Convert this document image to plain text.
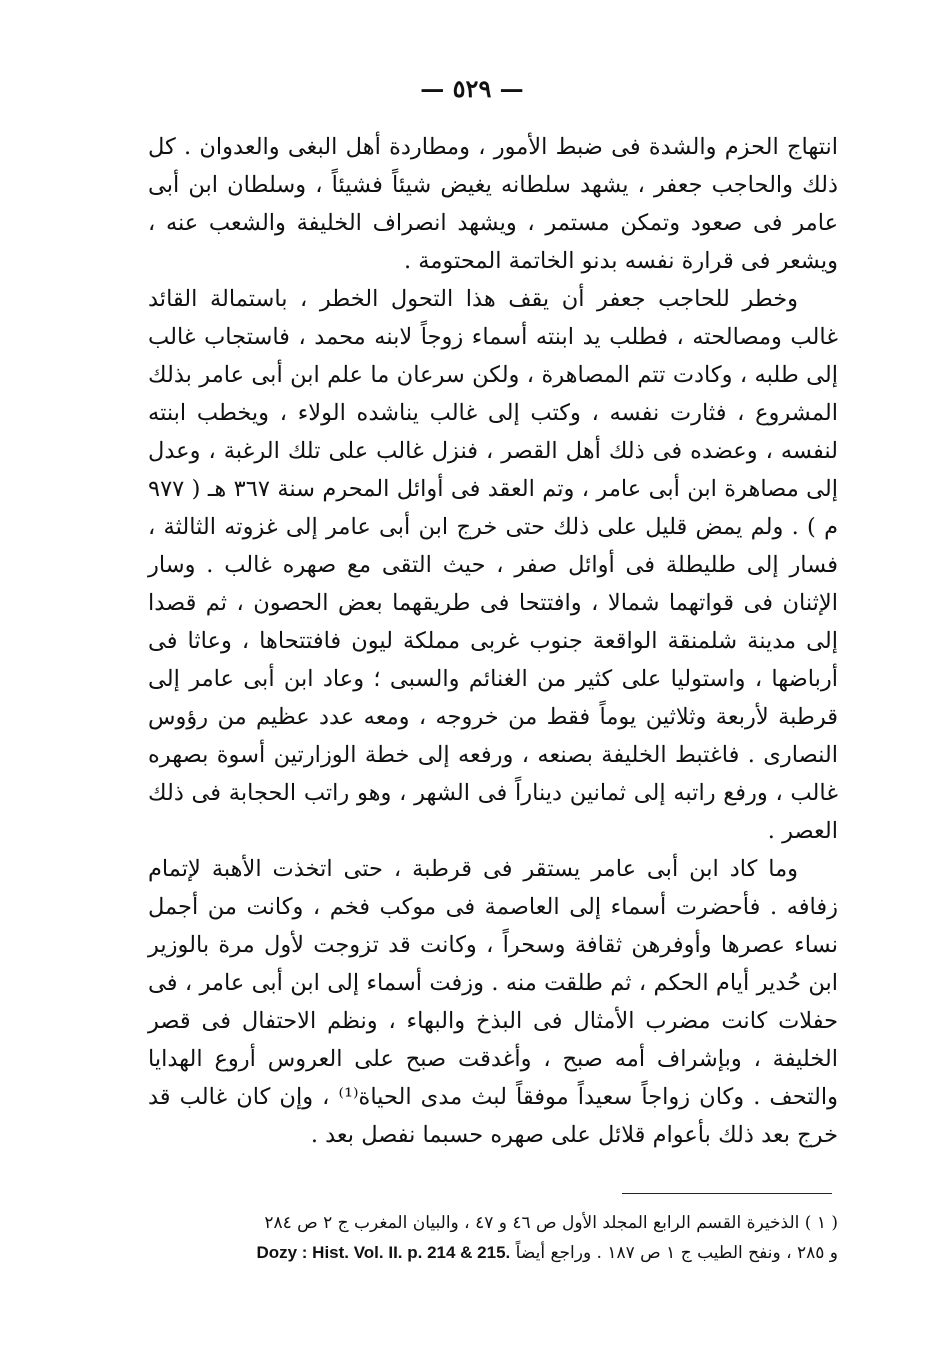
— ٥٢٩ —

انتهاج الحزم والشدة فى ضبط الأمور ، ومطاردة أهل البغى والعدوان . كل ذلك والحاجب جعفر ، يشهد سلطانه يغيض شيئاً فشيئاً ، وسلطان ابن أبى عامر فى صعود وتمكن مستمر ، ويشهد انصراف الخليفة والشعب عنه ، ويشعر فى قرارة نفسه بدنو الخاتمة المحتومة .

وخطر للحاجب جعفر أن يقف هذا التحول الخطر ، باستمالة القائد غالب ومصالحته ، فطلب يد ابنته أسماء زوجاً لابنه محمد ، فاستجاب غالب إلى طلبه ، وكادت تتم المصاهرة ، ولكن سرعان ما علم ابن أبى عامر بذلك المشروع ، فثارت نفسه ، وكتب إلى غالب يناشده الولاء ، ويخطب ابنته لنفسه ، وعضده فى ذلك أهل القصر ، فنزل غالب على تلك الرغبة ، وعدل إلى مصاهرة ابن أبى عامر ، وتم العقد فى أوائل المحرم سنة ٣٦٧ هـ ( ٩٧٧ م ) . ولم يمض قليل على ذلك حتى خرج ابن أبى عامر إلى غزوته الثالثة ، فسار إلى طليطلة فى أوائل صفر ، حيث التقى مع صهره غالب . وسار الإثنان فى قواتهما شمالا ، وافتتحا فى طريقهما بعض الحصون ، ثم قصدا إلى مدينة شلمنقة الواقعة جنوب غربى مملكة ليون فافتتحاها ، وعاثا فى أرباضها ، واستوليا على كثير من الغنائم والسبى ؛ وعاد ابن أبى عامر إلى قرطبة لأربعة وثلاثين يوماً فقط من خروجه ، ومعه عدد عظيم من رؤوس النصارى . فاغتبط الخليفة بصنعه ، ورفعه إلى خطة الوزارتين أسوة بصهره غالب ، ورفع راتبه إلى ثمانين ديناراً فى الشهر ، وهو راتب الحجابة فى ذلك العصر .

وما كاد ابن أبى عامر يستقر فى قرطبة ، حتى اتخذت الأهبة لإتمام زفافه . فأحضرت أسماء إلى العاصمة فى موكب فخم ، وكانت من أجمل نساء عصرها وأوفرهن ثقافة وسحراً ، وكانت قد تزوجت لأول مرة بالوزير ابن حُدير أيام الحكم ، ثم طلقت منه . وزفت أسماء إلى ابن أبى عامر ، فى حفلات كانت مضرب الأمثال فى البذخ والبهاء ، ونظم الاحتفال فى قصر الخليفة ، وبإشراف أمه صبح ، وأغدقت صبح على العروس أروع الهدايا والتحف . وكان زواجاً سعيداً موفقاً لبث مدى الحياة⁽¹⁾ ، وإن كان غالب قد خرج بعد ذلك بأعوام قلائل على صهره حسبما نفصل بعد .

( ١ ) الذخيرة القسم الرابع المجلد الأول ص ٤٦ و ٤٧ ، والبيان المغرب ج ٢ ص ٢٨٤

و ٢٨٥ ، ونفح الطيب ج ١ ص ١٨٧ . وراجع أيضاً Dozy : Hist. Vol. II. p. 214 & 215.
